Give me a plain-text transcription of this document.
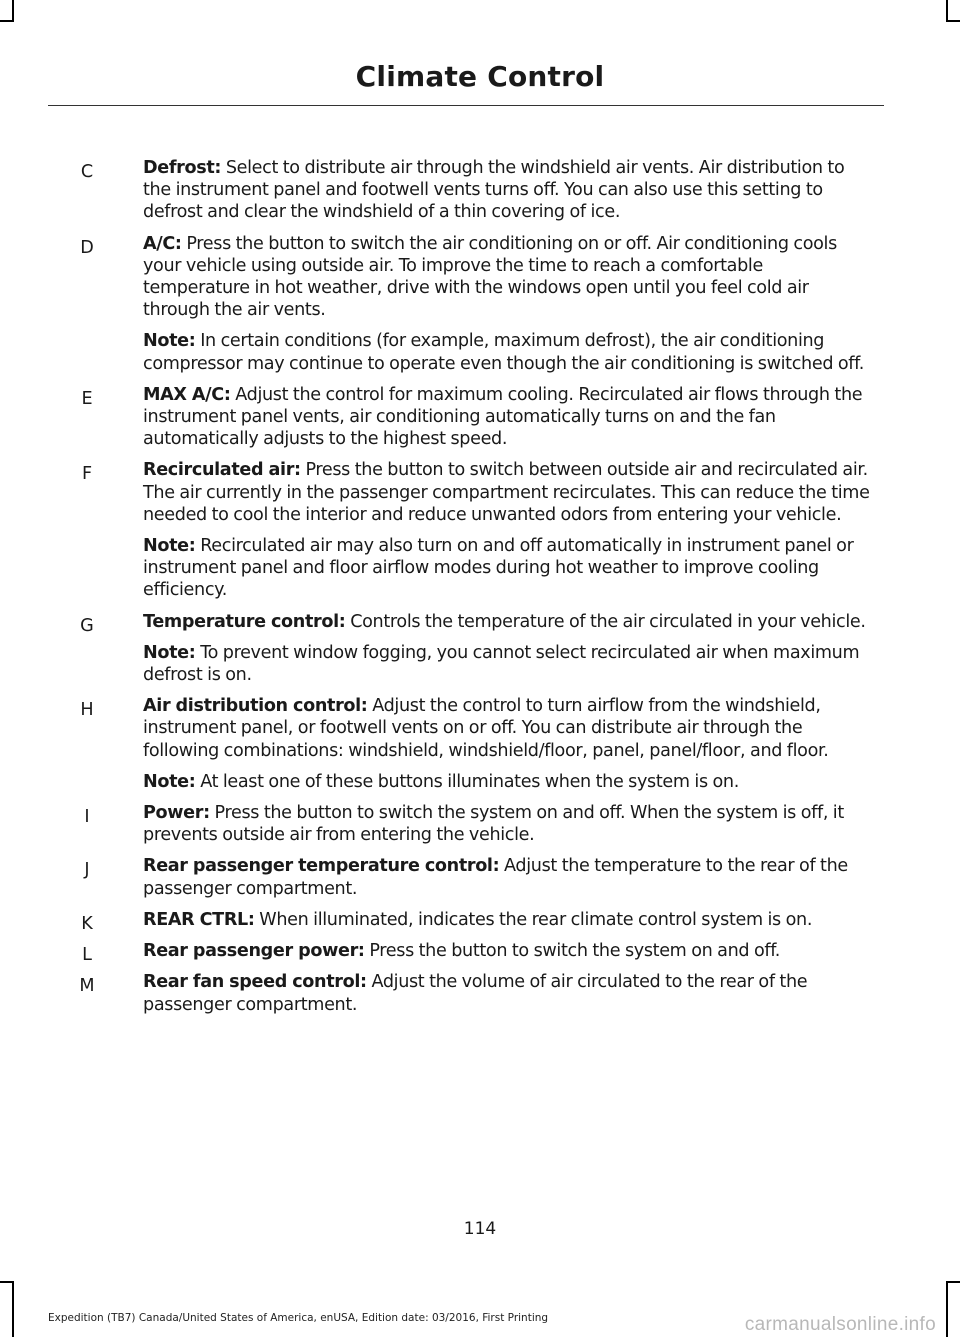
Climate Control
C	Defrost: Select to distribute air through the windshield air vents. Air distribution to the instrument panel and footwell vents turns off. You can also use this setting to defrost and clear the windshield of a thin covering of ice.

D	A/C: Press the button to switch the air conditioning on or off. Air conditioning cools your vehicle using outside air. To improve the time to reach a comfortable temperature in hot weather, drive with the windows open until you feel cold air through the air vents.

Note: In certain conditions (for example, maximum defrost), the air conditioning compressor may continue to operate even though the air conditioning is switched off.

E	MAX A/C: Adjust the control for maximum cooling. Recirculated air flows through the instrument panel vents, air conditioning automatically turns on and the fan automatically adjusts to the highest speed.

F	Recirculated air: Press the button to switch between outside air and recirculated air. The air currently in the passenger compartment recirculates. This can reduce the time needed to cool the interior and reduce unwanted odors from entering your vehicle.

Note: Recirculated air may also turn on and off automatically in instrument panel or instrument panel and floor airflow modes during hot weather to improve cooling efficiency.

G	Temperature control: Controls the temperature of the air circulated in your vehicle.

Note: To prevent window fogging, you cannot select recirculated air when maximum defrost is on.

H	Air distribution control: Adjust the control to turn airflow from the windshield, instrument panel, or footwell vents on or off. You can distribute air through the following combinations: windshield, windshield/floor, panel, panel/floor, and floor.

Note: At least one of these buttons illuminates when the system is on.

I	Power: Press the button to switch the system on and off. When the system is off, it prevents outside air from entering the vehicle.

J	Rear passenger temperature control: Adjust the temperature to the rear of the passenger compartment.

K	REAR CTRL: When illuminated, indicates the rear climate control system is on.

L	Rear passenger power: Press the button to switch the system on and off.

M	Rear fan speed control: Adjust the volume of air circulated to the rear of the passenger compartment.

114
Expedition (TB7) Canada/United States of America, enUSA, Edition date: 03/2016, First Printing	carmanualsonline.info
